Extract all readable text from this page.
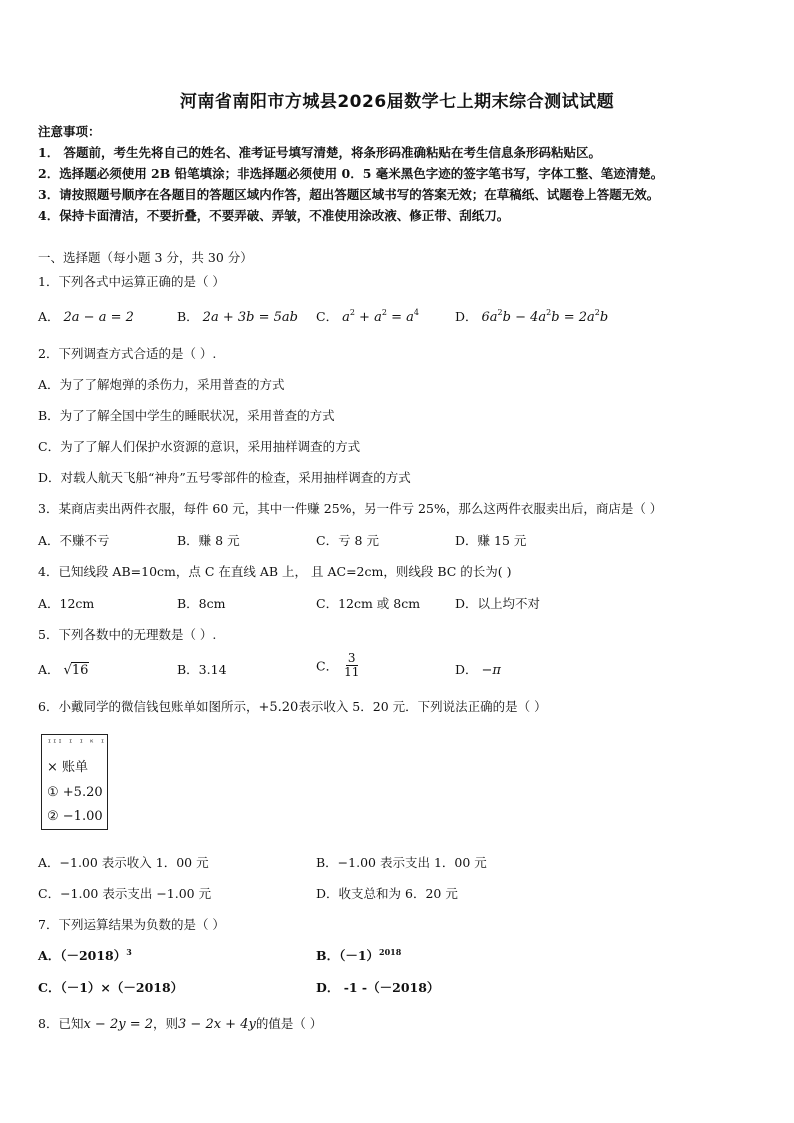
河南省南阳市方城县2026届数学七上期末综合测试试题
注意事项：
1． 答题前，考生先将自己的姓名、准考证号填写清楚，将条形码准确粘贴在考生信息条形码粘贴区。
2．选择题必须使用 2B 铅笔填涂；非选择题必须使用 0．5 毫米黑色字迹的签字笔书写，字体工整、笔迹清楚。
3．请按照题号顺序在各题目的答题区域内作答，超出答题区域书写的答案无效；在草稿纸、试题卷上答题无效。
4．保持卡面清洁，不要折叠，不要弄破、弄皱，不准使用涂改液、修正带、刮纸刀。
一、选择题（每小题 3 分，共 30 分）
1．下列各式中运算正确的是（ ）
A． 2a − a = 2	B． 2a + 3b = 5ab C． $a^2 + a^2 = a^4$	D． $6a^2b - 4a^2b = 2a^2b$
2．下列调查方式合适的是（ ）.
A．为了了解炮弹的杀伤力，采用普查的方式
B．为了了解全国中学生的睡眠状况，采用普查的方式
C．为了了解人们保护水资源的意识，采用抽样调查的方式
D．对载人航天飞船“神舟”五号零部件的检查，采用抽样调查的方式
3．某商店卖出两件衣服，每件 60 元，其中一件赚 25%，另一件亏 25%，那么这两件衣服卖出后，商店是（ ）
A．不赚不亏	B．赚 8 元	C．亏 8 元	D．赚 15 元
4．已知线段 AB=10cm，点 C 在直线 AB 上， 且 AC=2cm，则线段 BC 的长为( )
A．12cm	B．8cm	C．12cm 或 8cm	D．以上均不对
5．下列各数中的无理数是（ ）.
A． √16	B．3.14	C． $\frac{3}{11}$	D． −π
6．小戴同学的微信钱包账单如图所示，+5.20表示收入 5．20 元．下列说法正确的是（ ）
ᴵᴵᴵ ᴵ ᴵ ᴷ ᴵ
× 账单
① +5.20
② −1.00
A．−1.00 表示收入 1．00 元	B．−1.00 表示支出 1．00 元
C．−1.00 表示支出 −1.00 元	D．收支总和为 6．20 元
7．下列运算结果为负数的是（ ）
A．$(-2018)^3$	B．$(-1)^{2018}$
C．（－1）×（－2018）	D． -1 -（－2018）
8．已知x − 2y = 2，则3 − 2x + 4y的值是（ ）
